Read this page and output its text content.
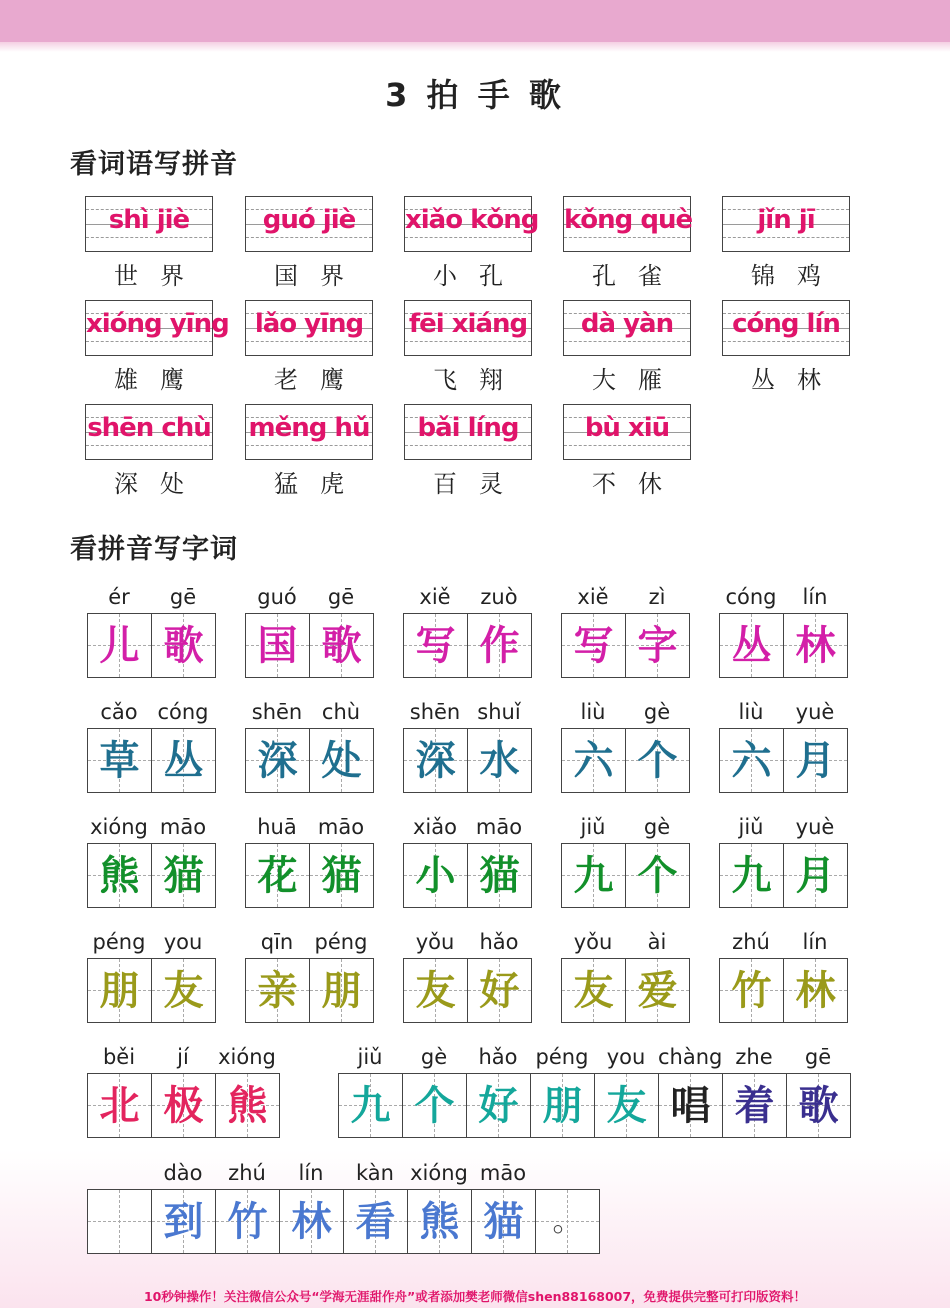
3 拍 手 歌
看词语写拼音
shì jiè
世界
guó jiè
国界
xiǎo kǒng
小孔
kǒng què
孔雀
jǐn jī
锦鸡
xióng yīng
雄鹰
lǎo yīng
老鹰
fēi xiáng
飞翔
dà yàn
大雁
cóng lín
丛林
shēn chù
深处
měng hǔ
猛虎
bǎi líng
百灵
bù xiū
不休
看拼音写字词
ér	gē
儿 歌
guó	gē
国 歌
xiě	zuò
写 作
xiě	zì
写 字
cóng	lín
丛 林
cǎo cóng
草 丛
shēn chù
深 处
shēn shuǐ
深 水
liù	gè
六 个
liù	yuè
六 月
xióng māo
熊 猫
huā	māo
花 猫
xiǎo māo
小 猫
jiǔ	gè
九 个
jiǔ	yuè
九 月
péng you
朋 友
qīn	péng
亲 朋
yǒu	hǎo
友 好
yǒu	ài
友 爱
zhú	lín
竹 林
běi	jí	xióng
北 极 熊
jiǔ	gè	hǎo péng you chàng zhe	gē
九 个 好 朋 友 唱 着 歌
dào	zhú	lín	kàn xióng māo
到 竹 林 看 熊 猫 。
10秒钟操作！关注微信公众号“学海无涯甜作舟”或者添加樊老师微信shen88168007，免费提供完整可打印版资料！
